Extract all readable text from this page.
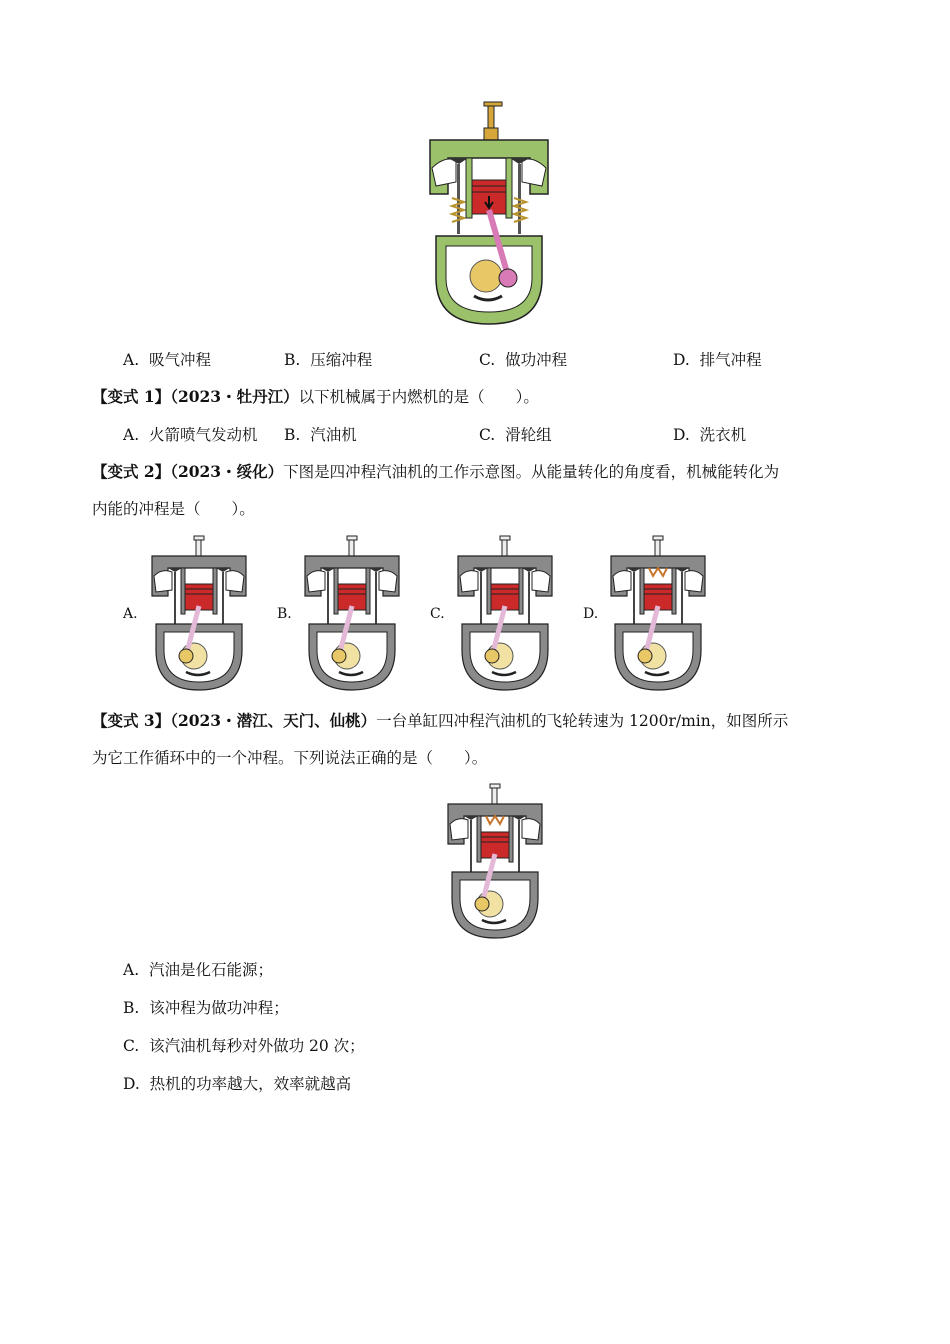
A. 吸气冲程	B. 压缩冲程	C. 做功冲程	D. 排气冲程
【变式 1】（2023・牡丹江）以下机械属于内燃机的是（　　）。
A. 火箭喷气发动机 B. 汽油机	C. 滑轮组	D. 洗衣机
【变式 2】（2023・绥化）下图是四冲程汽油机的工作示意图。从能量转化的角度看，机械能转化为
内能的冲程是（　　）。
A.	B.	C.	D.
【变式 3】（2023・潜江、天门、仙桃）一台单缸四冲程汽油机的飞轮转速为 1200r/min，如图所示
为它工作循环中的一个冲程。下列说法正确的是（　　）。
A. 汽油是化石能源；
B. 该冲程为做功冲程；
C. 该汽油机每秒对外做功 20 次；
D. 热机的功率越大，效率就越高
